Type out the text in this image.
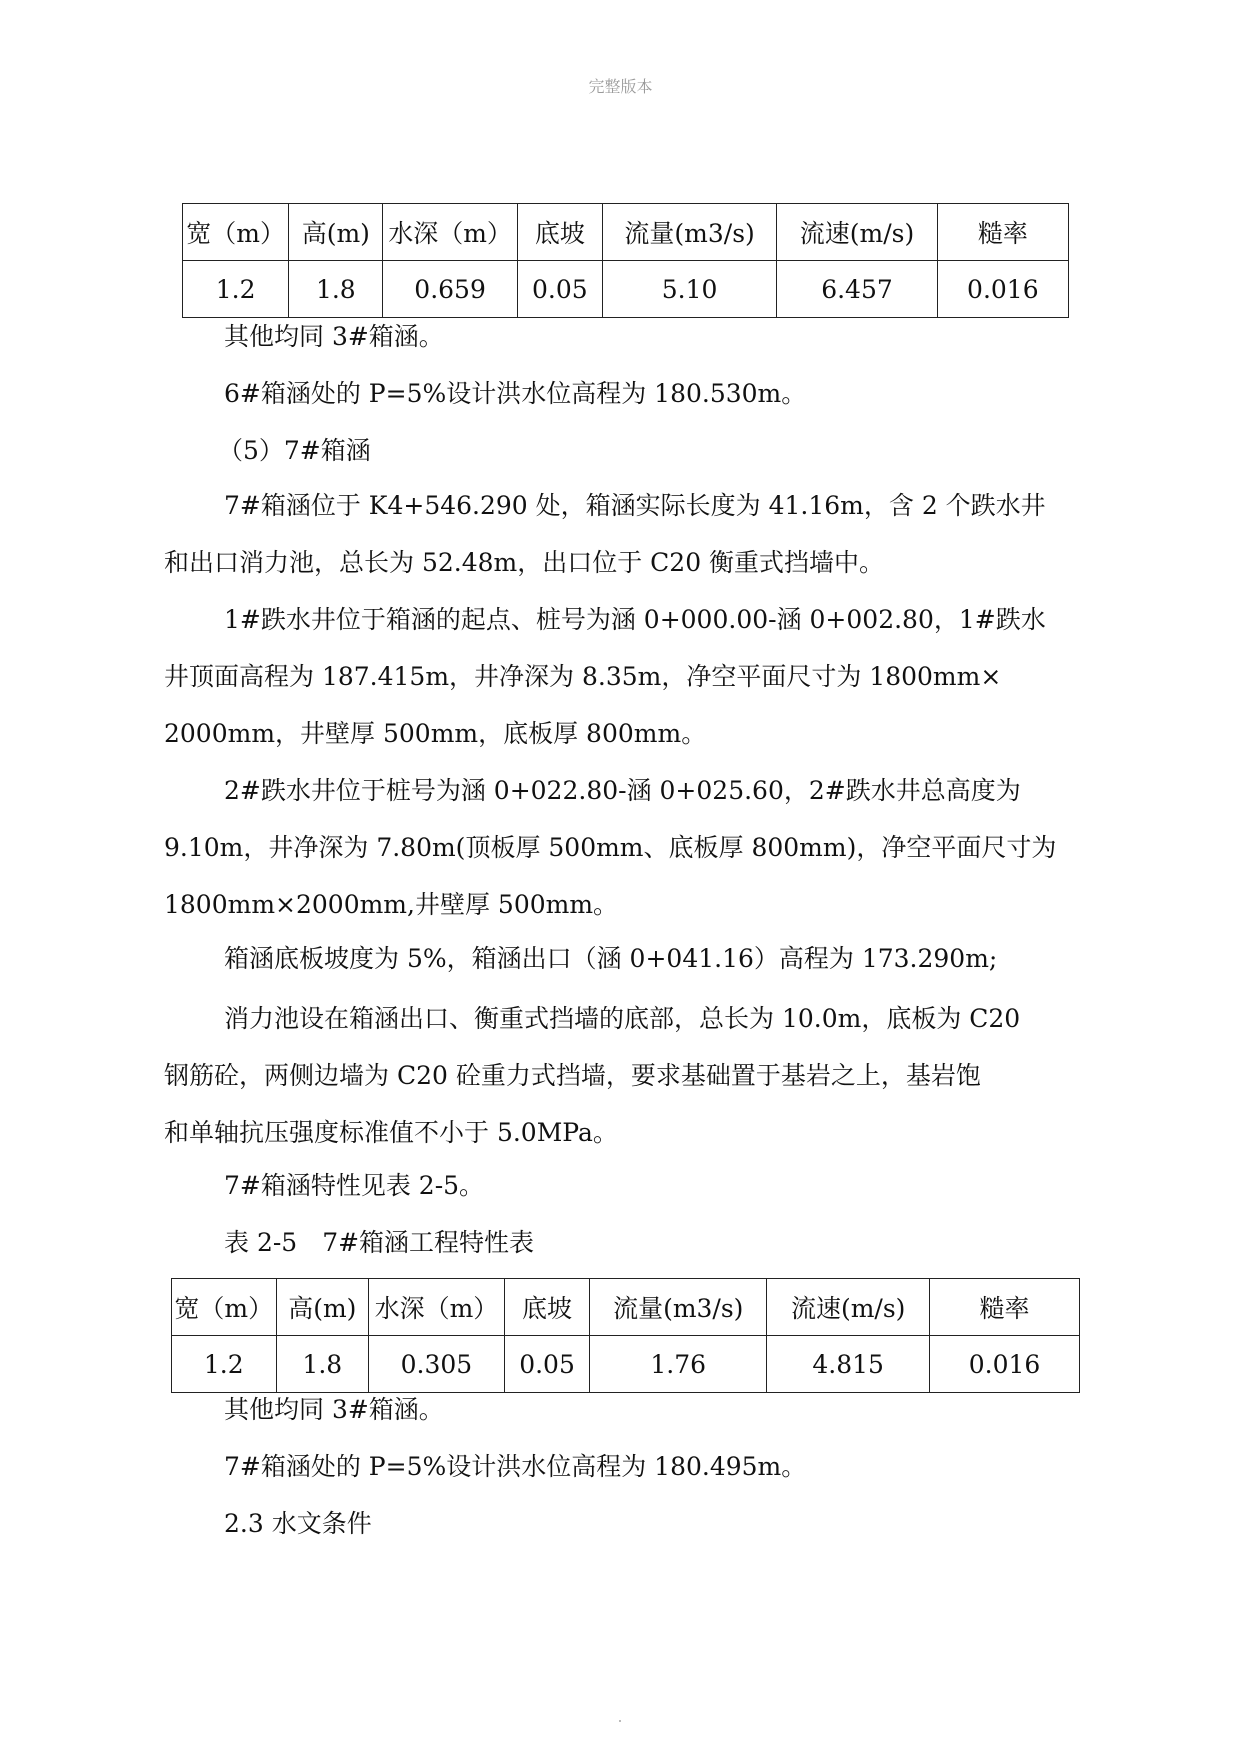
完整版本
宽（m）	高(m)	水深（m）	底坡	流量(m3/s)	流速(m/s)	糙率
1.2	1.8	0.659	0.05	5.10	6.457	0.016
其他均同 3#箱涵。
6#箱涵处的 P=5%设计洪水位高程为 180.530m。
（5）7#箱涵
7#箱涵位于 K4+546.290 处，箱涵实际长度为 41.16m，含 2 个跌水井
和出口消力池，总长为 52.48m，出口位于 C20 衡重式挡墙中。
1#跌水井位于箱涵的起点、桩号为涵 0+000.00-涵 0+002.80，1#跌水
井顶面高程为 187.415m，井净深为 8.35m，净空平面尺寸为 1800mm×
2000mm，井壁厚 500mm，底板厚 800mm。
2#跌水井位于桩号为涵 0+022.80-涵 0+025.60，2#跌水井总高度为
9.10m，井净深为 7.80m(顶板厚 500mm、底板厚 800mm)，净空平面尺寸为
1800mm×2000mm,井壁厚 500mm。
箱涵底板坡度为 5%，箱涵出口（涵 0+041.16）高程为 173.290m;
消力池设在箱涵出口、衡重式挡墙的底部，总长为 10.0m，底板为 C20
钢筋砼，两侧边墙为 C20 砼重力式挡墙，要求基础置于基岩之上，基岩饱
和单轴抗压强度标准值不小于 5.0MPa。
7#箱涵特性见表 2-5。
表 2-5　7#箱涵工程特性表
宽（m）	高(m)	水深（m）	底坡	流量(m3/s)	流速(m/s)	糙率
1.2	1.8	0.305	0.05	1.76	4.815	0.016
其他均同 3#箱涵。
7#箱涵处的 P=5%设计洪水位高程为 180.495m。
2.3 水文条件
